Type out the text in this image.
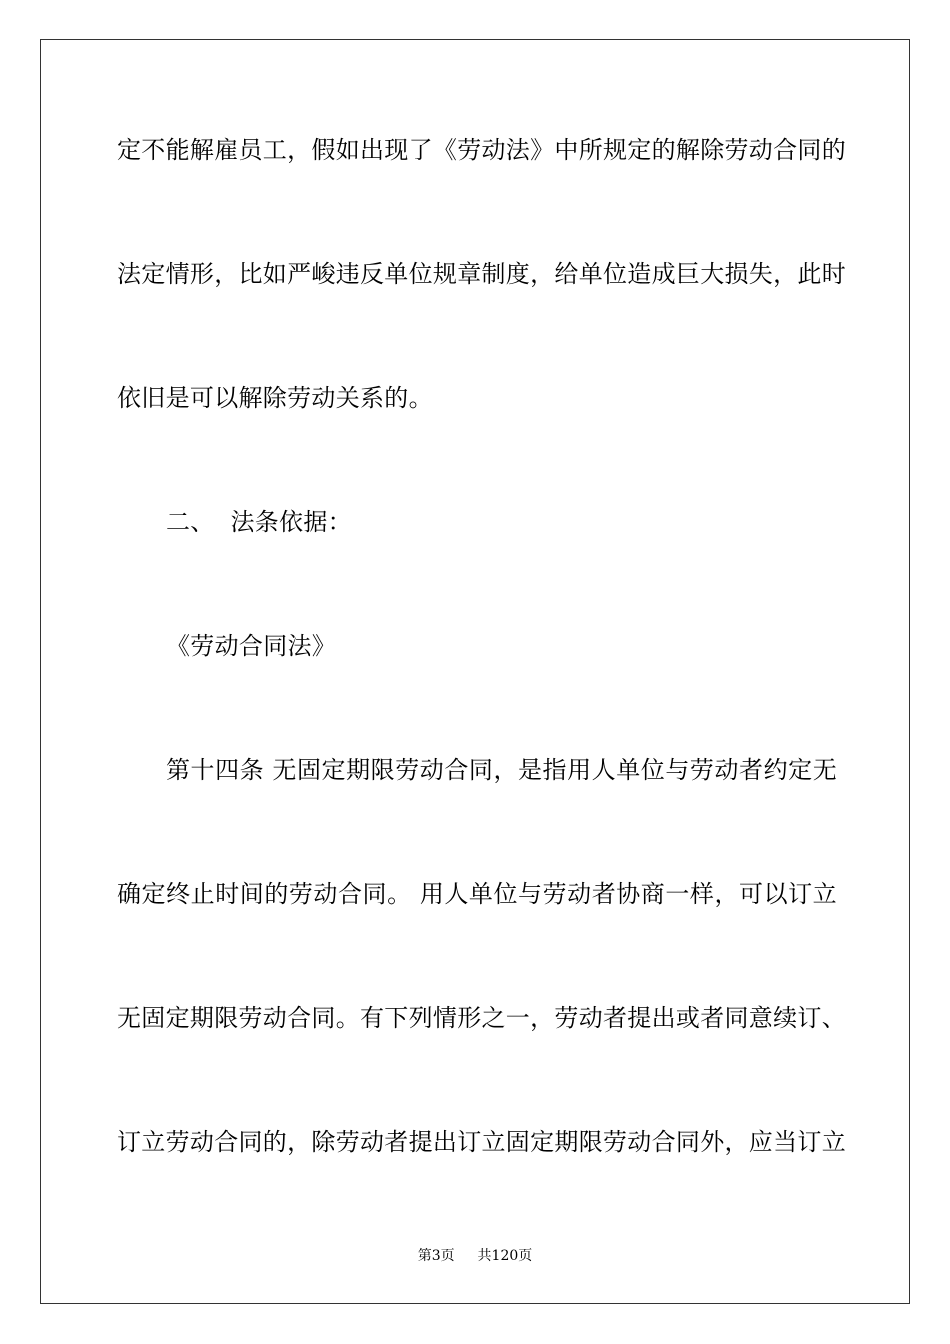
定不能解雇员工，假如出现了《劳动法》中所规定的解除劳动合同的
法定情形，比如严峻违反单位规章制度，给单位造成巨大损失，此时
依旧是可以解除劳动关系的。
二、  法条依据：
《劳动合同法》
第十四条 无固定期限劳动合同，是指用人单位与劳动者约定无
确定终止时间的劳动合同。 用人单位与劳动者协商一样，可以订立
无固定期限劳动合同。有下列情形之一，劳动者提出或者同意续订、
订立劳动合同的，除劳动者提出订立固定期限劳动合同外，应当订立
第3页 共120页
